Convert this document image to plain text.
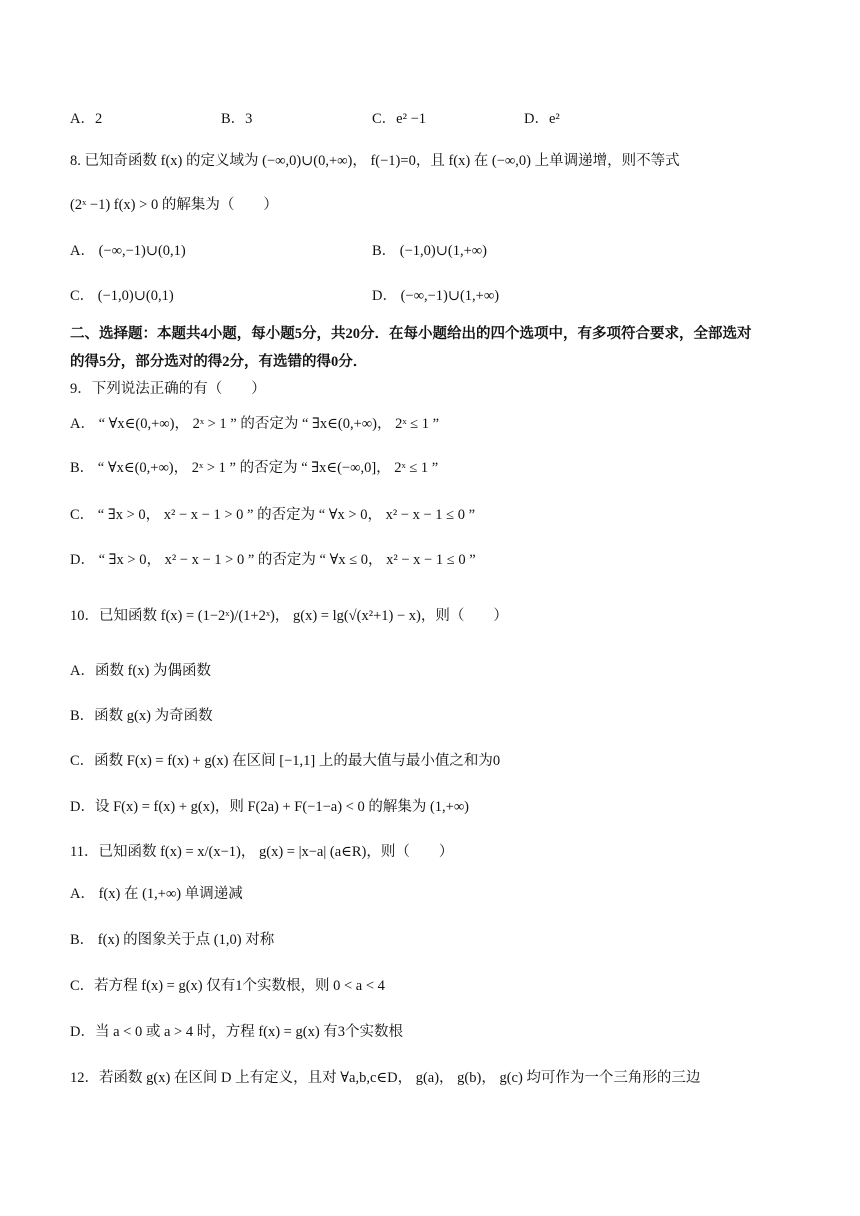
A．2	B．3	C．e² −1	D．e²
8. 已知奇函数 f(x) 的定义域为 (−∞,0)∪(0,+∞)， f(−1)=0，且 f(x) 在 (−∞,0) 上单调递增，则不等式
(2ˣ −1) f(x) > 0 的解集为（　　）
A． (−∞,−1)∪(0,1)	B． (−1,0)∪(1,+∞)
C． (−1,0)∪(0,1)	D． (−∞,−1)∪(1,+∞)
二、选择题：本题共4小题，每小题5分，共20分．在每小题给出的四个选项中，有多项符合要求，全部选对
的得5分，部分选对的得2分，有选错的得0分．
9．下列说法正确的有（　　）
A． “ ∀x∈(0,+∞)， 2ˣ > 1 ” 的否定为 “ ∃x∈(0,+∞)， 2ˣ ≤ 1 ”
B． “ ∀x∈(0,+∞)， 2ˣ > 1 ” 的否定为 “ ∃x∈(−∞,0]， 2ˣ ≤ 1 ”
C． “ ∃x > 0， x² − x − 1 > 0 ” 的否定为 “ ∀x > 0， x² − x − 1 ≤ 0 ”
D． “ ∃x > 0， x² − x − 1 > 0 ” 的否定为 “ ∀x ≤ 0， x² − x − 1 ≤ 0 ”
10．已知函数 f(x) = (1−2ˣ)/(1+2ˣ)， g(x) = lg(√(x²+1) − x)，则（　　）
A．函数 f(x) 为偶函数
B．函数 g(x) 为奇函数
C．函数 F(x) = f(x) + g(x) 在区间 [−1,1] 上的最大值与最小值之和为0
D．设 F(x) = f(x) + g(x)，则 F(2a) + F(−1−a) < 0 的解集为 (1,+∞)
11．已知函数 f(x) = x/(x−1)， g(x) = |x−a| (a∈R)，则（　　）
A． f(x) 在 (1,+∞) 单调递减
B． f(x) 的图象关于点 (1,0) 对称
C．若方程 f(x) = g(x) 仅有1个实数根，则 0 < a < 4
D．当 a < 0 或 a > 4 时，方程 f(x) = g(x) 有3个实数根
12．若函数 g(x) 在区间 D 上有定义，且对 ∀a,b,c∈D， g(a)， g(b)， g(c) 均可作为一个三角形的三边
